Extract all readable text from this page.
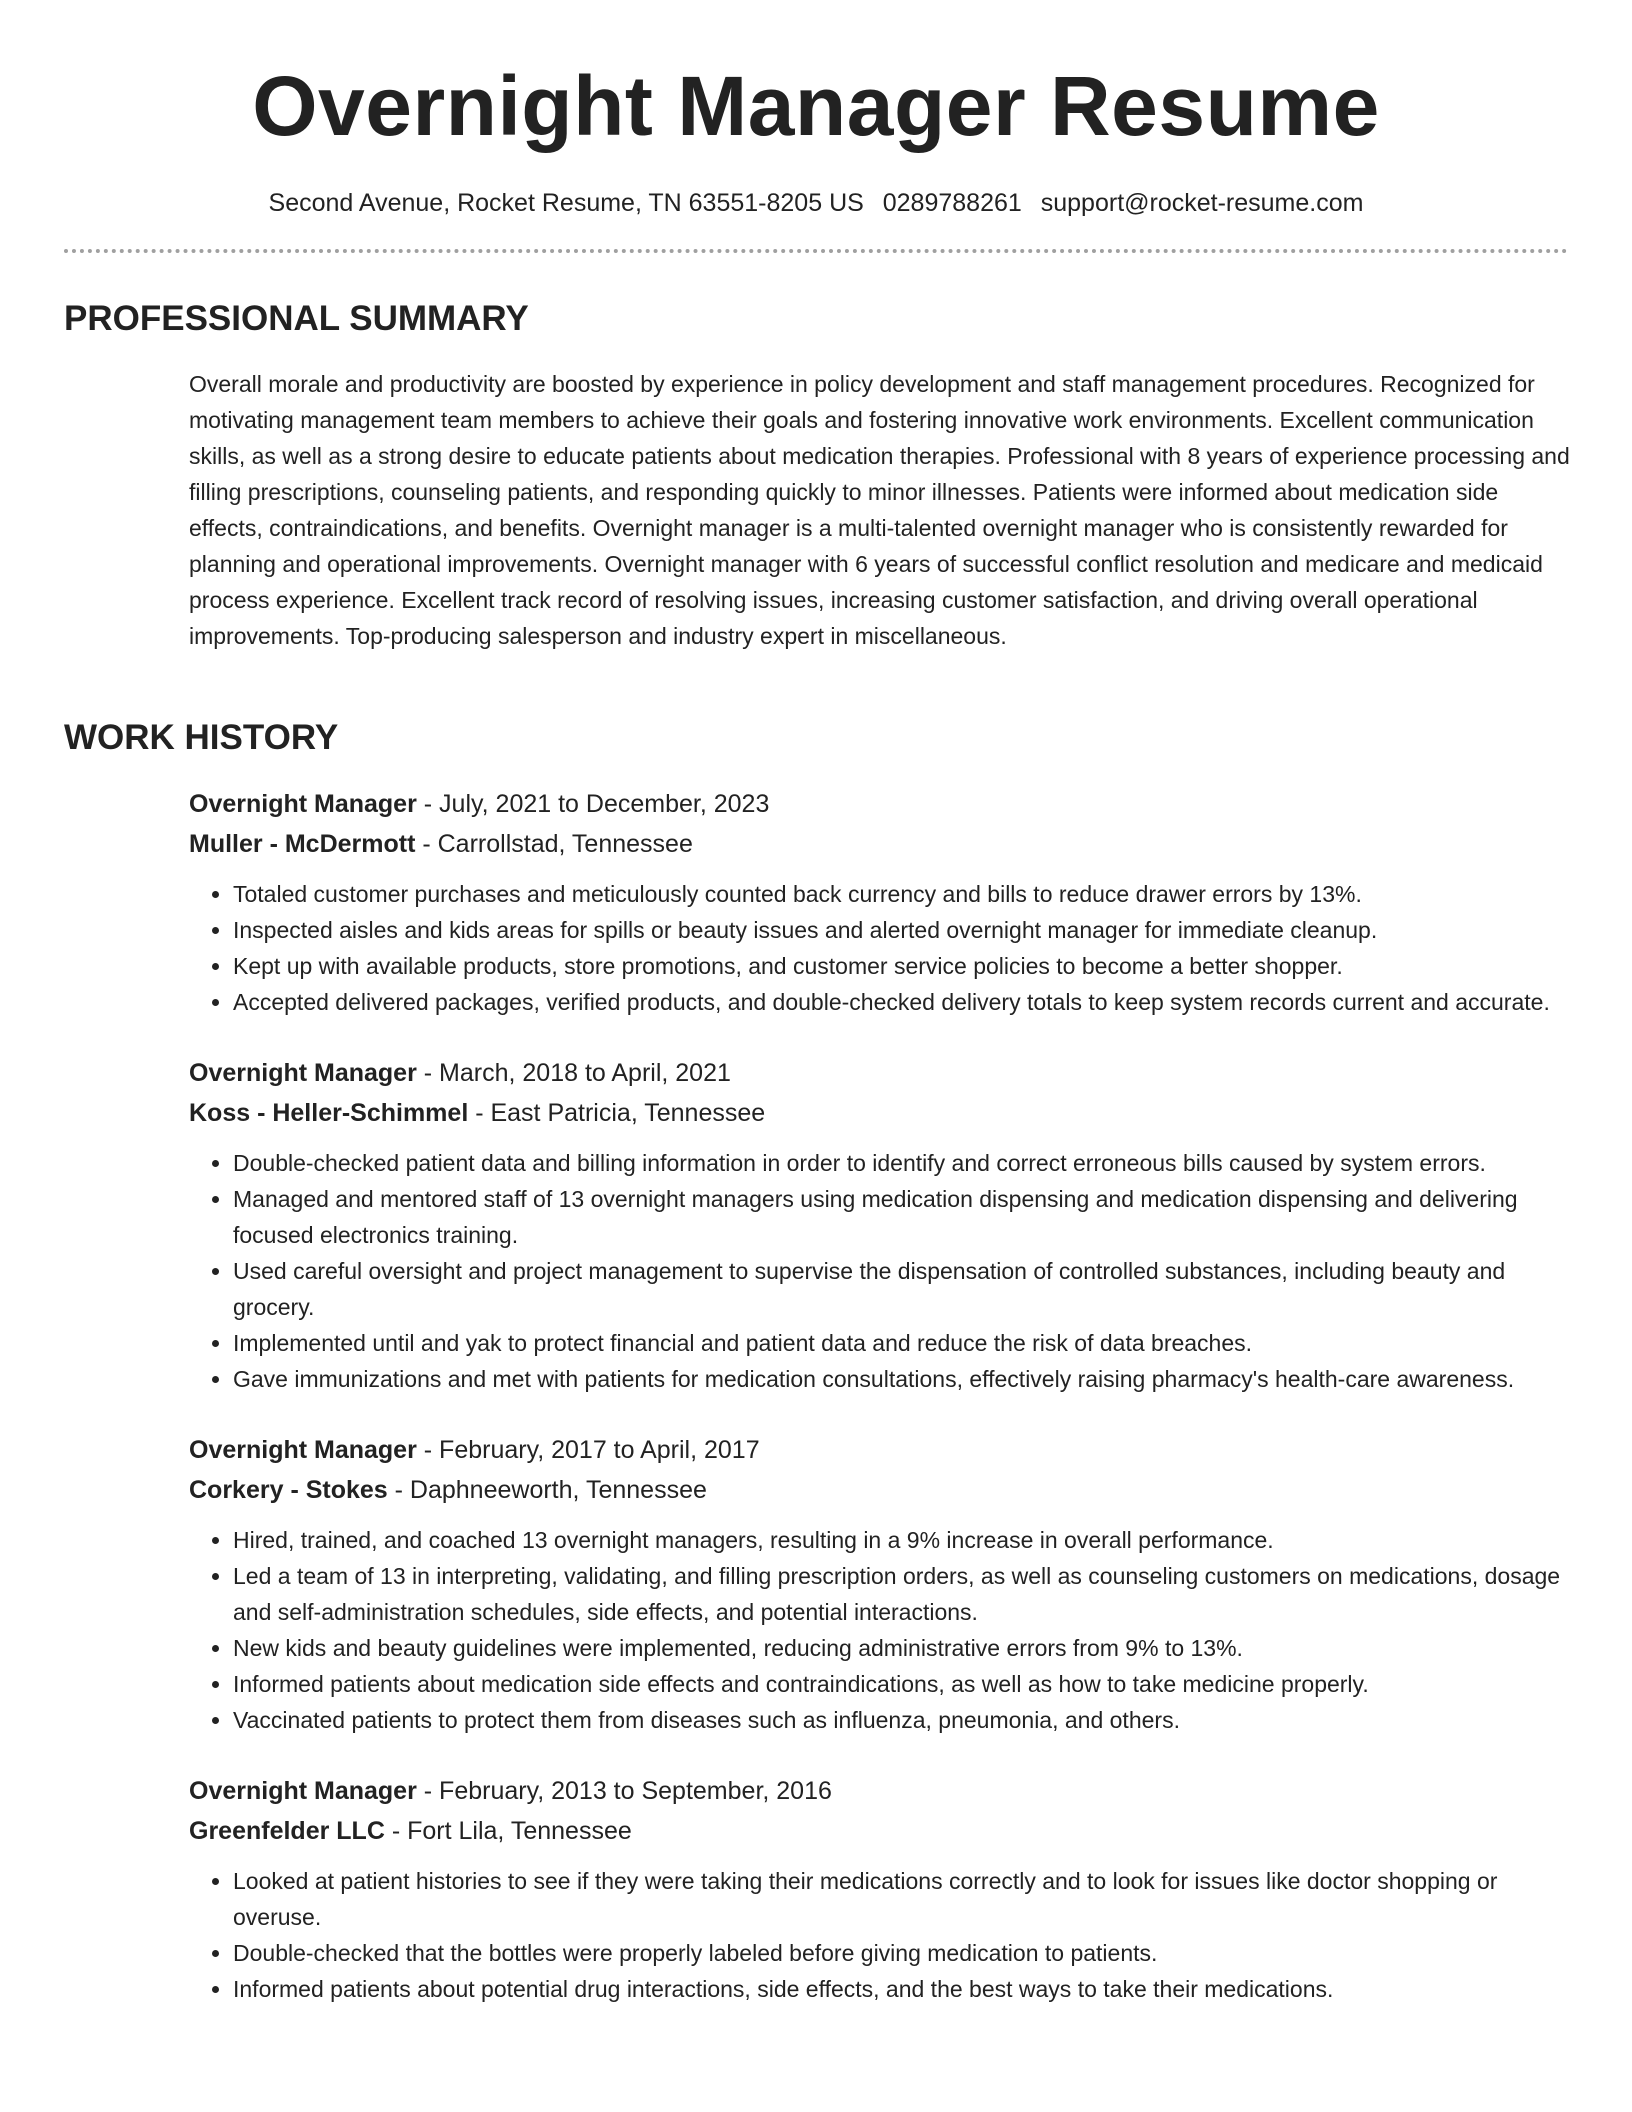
Overnight Manager Resume
Second Avenue, Rocket Resume, TN 63551-8205 US 0289788261 support@rocket-resume.com
PROFESSIONAL SUMMARY

Overall morale and productivity are boosted by experience in policy development and staff management procedures. Recognized for motivating management team members to achieve their goals and fostering innovative work environments. Excellent communication skills, as well as a strong desire to educate patients about medication therapies. Professional with 8 years of experience processing and filling prescriptions, counseling patients, and responding quickly to minor illnesses. Patients were informed about medication side effects, contraindications, and benefits. Overnight manager is a multi-talented overnight manager who is consistently rewarded for planning and operational improvements. Overnight manager with 6 years of successful conflict resolution and medicare and medicaid process experience. Excellent track record of resolving issues, increasing customer satisfaction, and driving overall operational improvements. Top-producing salesperson and industry expert in miscellaneous.

WORK HISTORY

Overnight Manager - July, 2021 to December, 2023

Muller - McDermott - Carrollstad, Tennessee

• Totaled customer purchases and meticulously counted back currency and bills to reduce drawer errors by 13%.
• Inspected aisles and kids areas for spills or beauty issues and alerted overnight manager for immediate cleanup.
• Kept up with available products, store promotions, and customer service policies to become a better shopper.
• Accepted delivered packages, verified products, and double-checked delivery totals to keep system records current and accurate.

Overnight Manager - March, 2018 to April, 2021

Koss - Heller-Schimmel - East Patricia, Tennessee

• Double-checked patient data and billing information in order to identify and correct erroneous bills caused by system errors.
• Managed and mentored staff of 13 overnight managers using medication dispensing and medication dispensing and delivering focused electronics training.
• Used careful oversight and project management to supervise the dispensation of controlled substances, including beauty and grocery.
• Implemented until and yak to protect financial and patient data and reduce the risk of data breaches.
• Gave immunizations and met with patients for medication consultations, effectively raising pharmacy's health-care awareness.

Overnight Manager - February, 2017 to April, 2017

Corkery - Stokes - Daphneeworth, Tennessee

• Hired, trained, and coached 13 overnight managers, resulting in a 9% increase in overall performance.
• Led a team of 13 in interpreting, validating, and filling prescription orders, as well as counseling customers on medications, dosage and self-administration schedules, side effects, and potential interactions.
• New kids and beauty guidelines were implemented, reducing administrative errors from 9% to 13%.
• Informed patients about medication side effects and contraindications, as well as how to take medicine properly.
• Vaccinated patients to protect them from diseases such as influenza, pneumonia, and others.

Overnight Manager - February, 2013 to September, 2016

Greenfelder LLC - Fort Lila, Tennessee

• Looked at patient histories to see if they were taking their medications correctly and to look for issues like doctor shopping or overuse.
• Double-checked that the bottles were properly labeled before giving medication to patients.
• Informed patients about potential drug interactions, side effects, and the best ways to take their medications.
